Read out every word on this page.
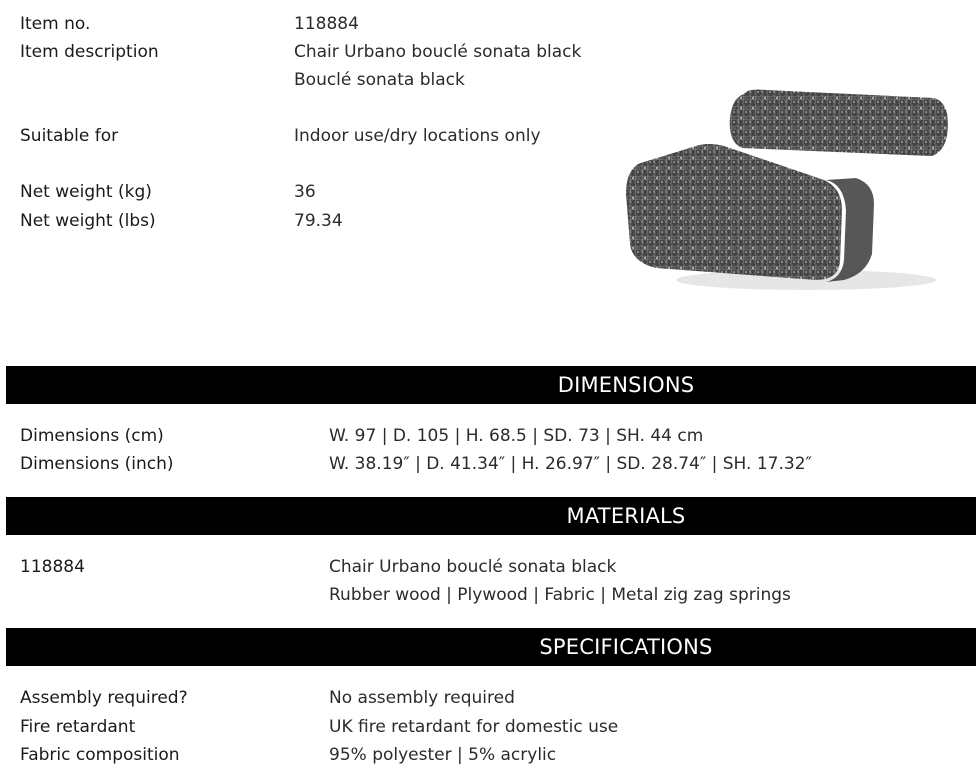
Item no.	118884
Item description	Chair Urbano bouclé sonata black
Bouclé sonata black
Suitable for	Indoor use/dry locations only
Net weight (kg)	36
Net weight (lbs)	79.34
DIMENSIONS
Dimensions (cm)	W. 97 | D. 105 | H. 68.5 | SD. 73 | SH. 44 cm
Dimensions (inch)	W. 38.19″ | D. 41.34″ | H. 26.97″ | SD. 28.74″ | SH. 17.32″
MATERIALS
118884	Chair Urbano bouclé sonata black
Rubber wood | Plywood | Fabric | Metal zig zag springs
SPECIFICATIONS
Assembly required?	No assembly required
Fire retardant	UK fire retardant for domestic use
Fabric composition	95% polyester | 5% acrylic
